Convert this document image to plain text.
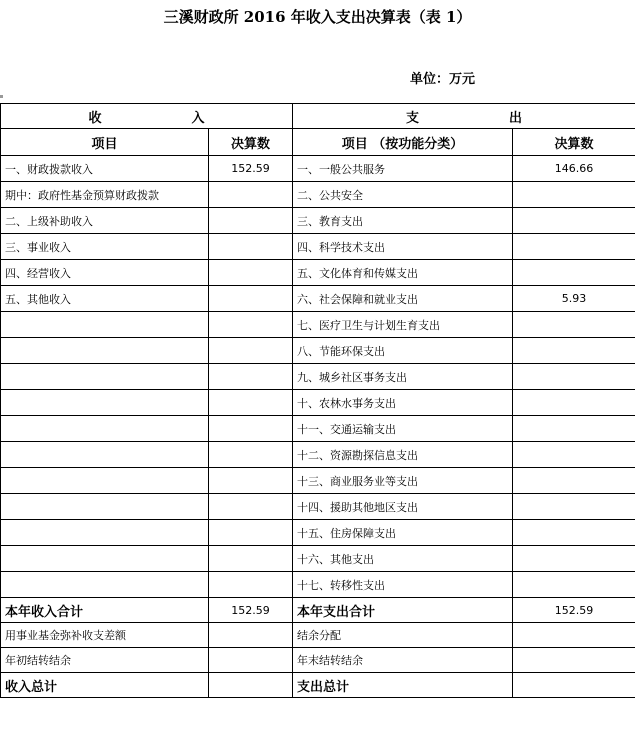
三溪财政所 2016 年收入支出决算表（表 1）
单位：万元
收 入		支 出	
项目	决算数	项目 （按功能分类）	决算数
一、财政拨款收入	152.59	一、一般公共服务	146.66
期中：政府性基金预算财政拨款		二、公共安全	
二、上级补助收入		三、教育支出	
三、事业收入		四、科学技术支出	
四、经营收入		五、文化体育和传媒支出	
五、其他收入		六、社会保障和就业支出	5.93
		七、医疗卫生与计划生育支出	
		八、节能环保支出	
		九、城乡社区事务支出	
		十、农林水事务支出	
		十一、交通运输支出	
		十二、资源勘探信息支出	
		十三、商业服务业等支出	
		十四、援助其他地区支出	
		十五、住房保障支出	
		十六、其他支出	
		十七、转移性支出	
本年收入合计	152.59	本年支出合计	152.59
用事业基金弥补收支差额		结余分配	
年初结转结余		年末结转结余	
收入总计		支出总计	
